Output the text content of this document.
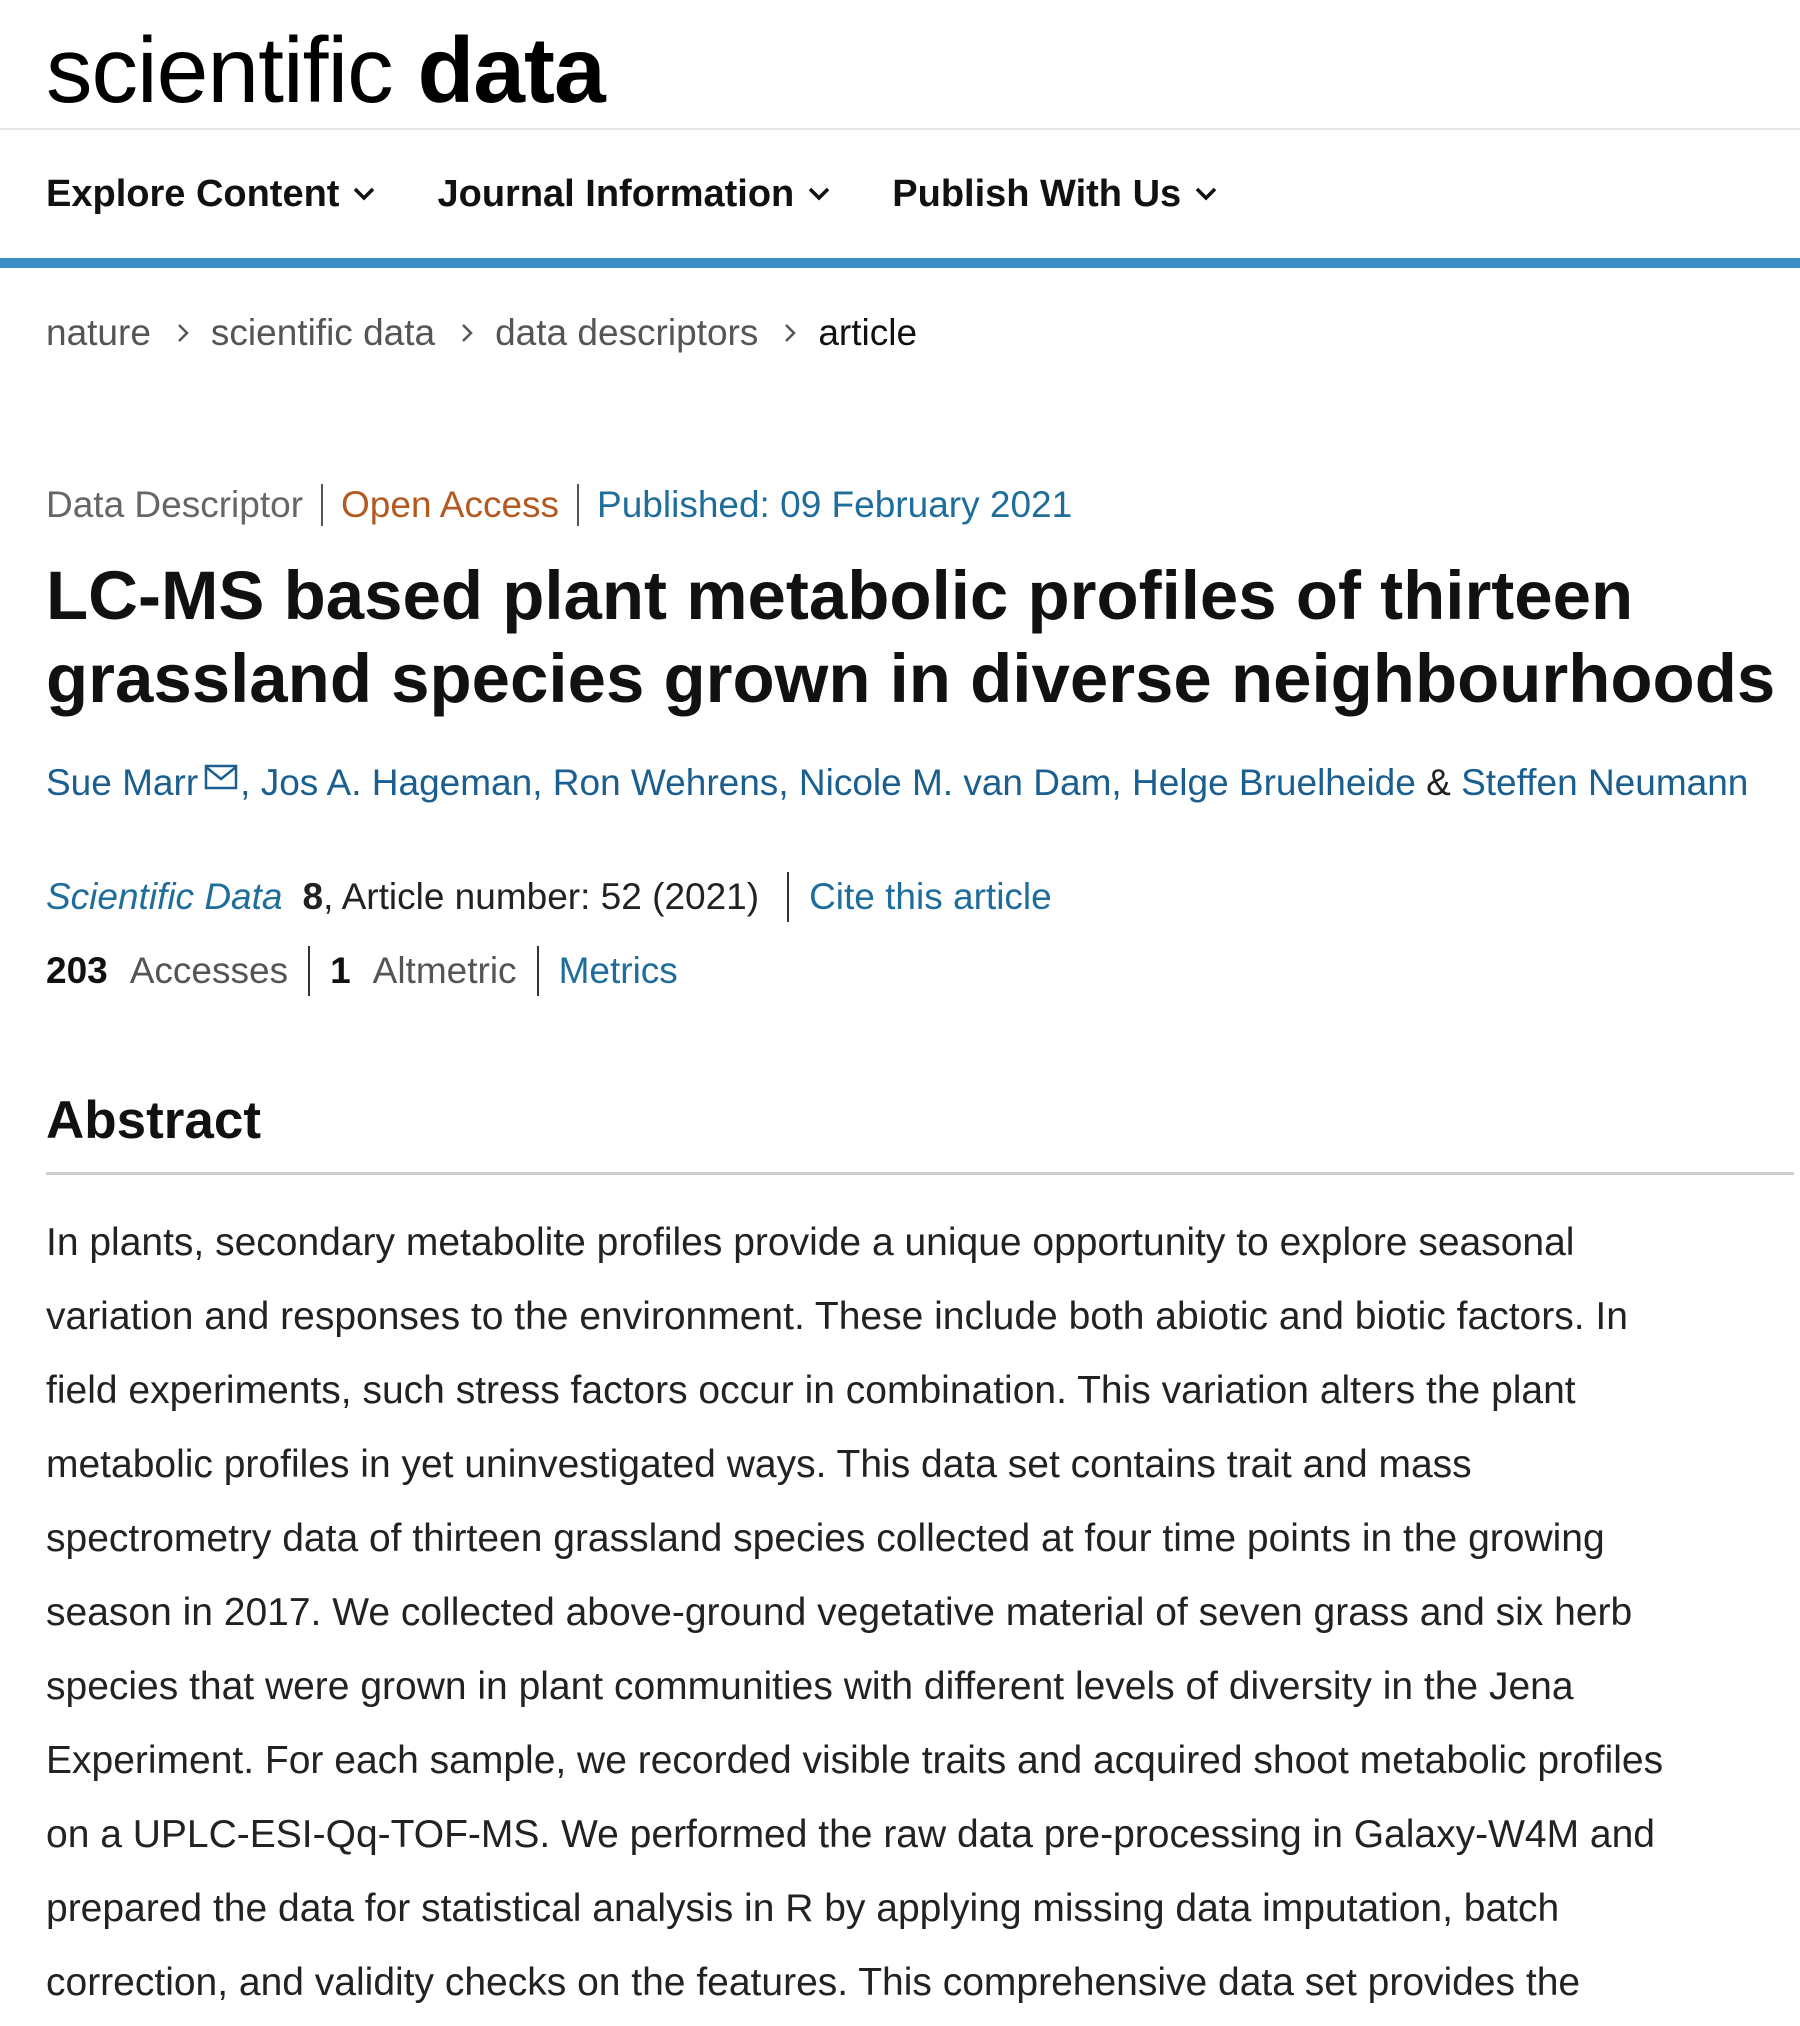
scientific data
Explore Content	Journal Information	Publish With Us
nature scientific data data descriptors article
Data Descriptor	Open Access	Published: 09 February 2021
LC-MS based plant metabolic profiles of thirteen
grassland species grown in diverse neighbourhoods
Sue Marr , Jos A. Hageman, Ron Wehrens, Nicole M. van Dam, Helge Bruelheide & Steffen Neumann
Scientific Data 8 , Article number: 52 (2021) Cite this article
203 Accesses 1 Altmetric Metrics
Abstract

In plants, secondary metabolite profiles provide a unique opportunity to explore seasonal
variation and responses to the environment. These include both abiotic and biotic factors. In
field experiments, such stress factors occur in combination. This variation alters the plant
metabolic profiles in yet uninvestigated ways. This data set contains trait and mass
spectrometry data of thirteen grassland species collected at four time points in the growing
season in 2017. We collected above-ground vegetative material of seven grass and six herb
species that were grown in plant communities with different levels of diversity in the Jena
Experiment. For each sample, we recorded visible traits and acquired shoot metabolic profiles
on a UPLC-ESI-Qq-TOF-MS. We performed the raw data pre-processing in Galaxy-W4M and
prepared the data for statistical analysis in R by applying missing data imputation, batch
correction, and validity checks on the features. This comprehensive data set provides the
